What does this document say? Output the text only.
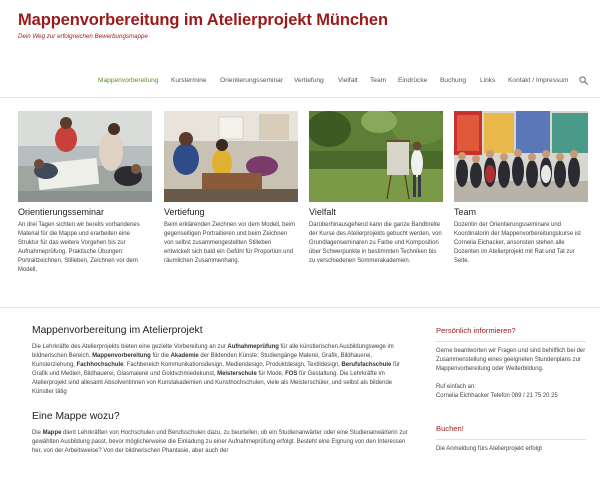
Mappenvorbereitung im Atelierprojekt München
Dein Weg zur erfolgreichen Bewerbungsmappe
Mappenvorbereitung Kurstermine Orientierungsseminar Vertiefung Vielfalt Team Eindrücke Buchung Links Kontakt / Impressum
Orientierungsseminar

An drei Tagen sichten wir bereits vorhandenes Material für die Mappe und erarbeiten eine Struktur für das weitere Vorgehen bis zur Aufnahmeprüfung. Praktische Übungen: Portraitzeichnen, Stilleben, Zeichnen vor dem Modell.

Vertiefung

Beim erklärenden Zeichnen vor dem Modell, beim gegenseitigen Portraitieren und beim Zeichnen von selbst zusammengestellten Stilleben entwickelt sich bald ein Gefühl für Proportion und räumlichen Zusammenhang.

Vielfalt

Darüberhinausgehend kann die ganze Bandbreite der Kurse des Atelierprojekts gebucht werden, von Grundlagenseminaren zu Farbe und Komposition über Schwerpunkte in bestimmten Techniken bis zu verschiedenen Sommerakademien.

Team

Dozentin der Orientierungsseminare und Koordinatorin der Mappenvorbereitungskurse ist Cornelia Eichacker, ansonsten stehen alle Dozenten im Atelierprojekt mit Rat und Tat zur Seite.

Mappenvorbereitung im Atelierprojekt

Die Lehrkräfte des Atelierprojekts bieten eine gezielte Vorbereitung an zur Aufnahmeprüfung für alle künstlerischen Ausbildungswege im bildnerischen Bereich. Mappenvorbereitung für die Akademie der Bildenden Künste: Studiengänge Malerei, Grafik, Bildhauerei, Kunsterziehung, Fachhochschule: Fachbereich Kommunikationsdesign, Mediendesign, Produktdesign, Textildesign, Berufsfachschule für Grafik und Medien, Bildhauerei, Glasmalerei und Goldschmiedekunst, Meisterschule für Mode, FOS für Gestaltung. Die Lehrkräfte im Atelierprojekt sind allesamt Absolventinnen von Kunstakademien und Kunsthochschulen, viele als Meisterschüler, und selbst als bildende Künstler tätig

Eine Mappe wozu?

Die Mappe dient Lehrkräften von Hochschulen und Berufsschulen dazu, zu beurteilen, ob ein Studienanwärter oder eine Studienanwärterin zur gewählten Ausbildung passt, bevor möglicherweise die Einladung zu einer Aufnahmeprüfung erfolgt. Besteht eine Eignung von den Interessen her, von der Arbeitsweise? Von der bildnerischen Phantasie, aber auch der

Persönlich informieren?

Gerne beantworten wir Fragen und sind behilflich bei der Zusammenstellung eines geeigneten Stundenplans zur Mappenvorbereitung oder Weiterbildung.

Ruf einfach an:
Cornelia Eichhacker Telefon 089 / 21 75 20 25

Buchen!

Die Anmeldung fürs Atelierprojekt erfolgt
